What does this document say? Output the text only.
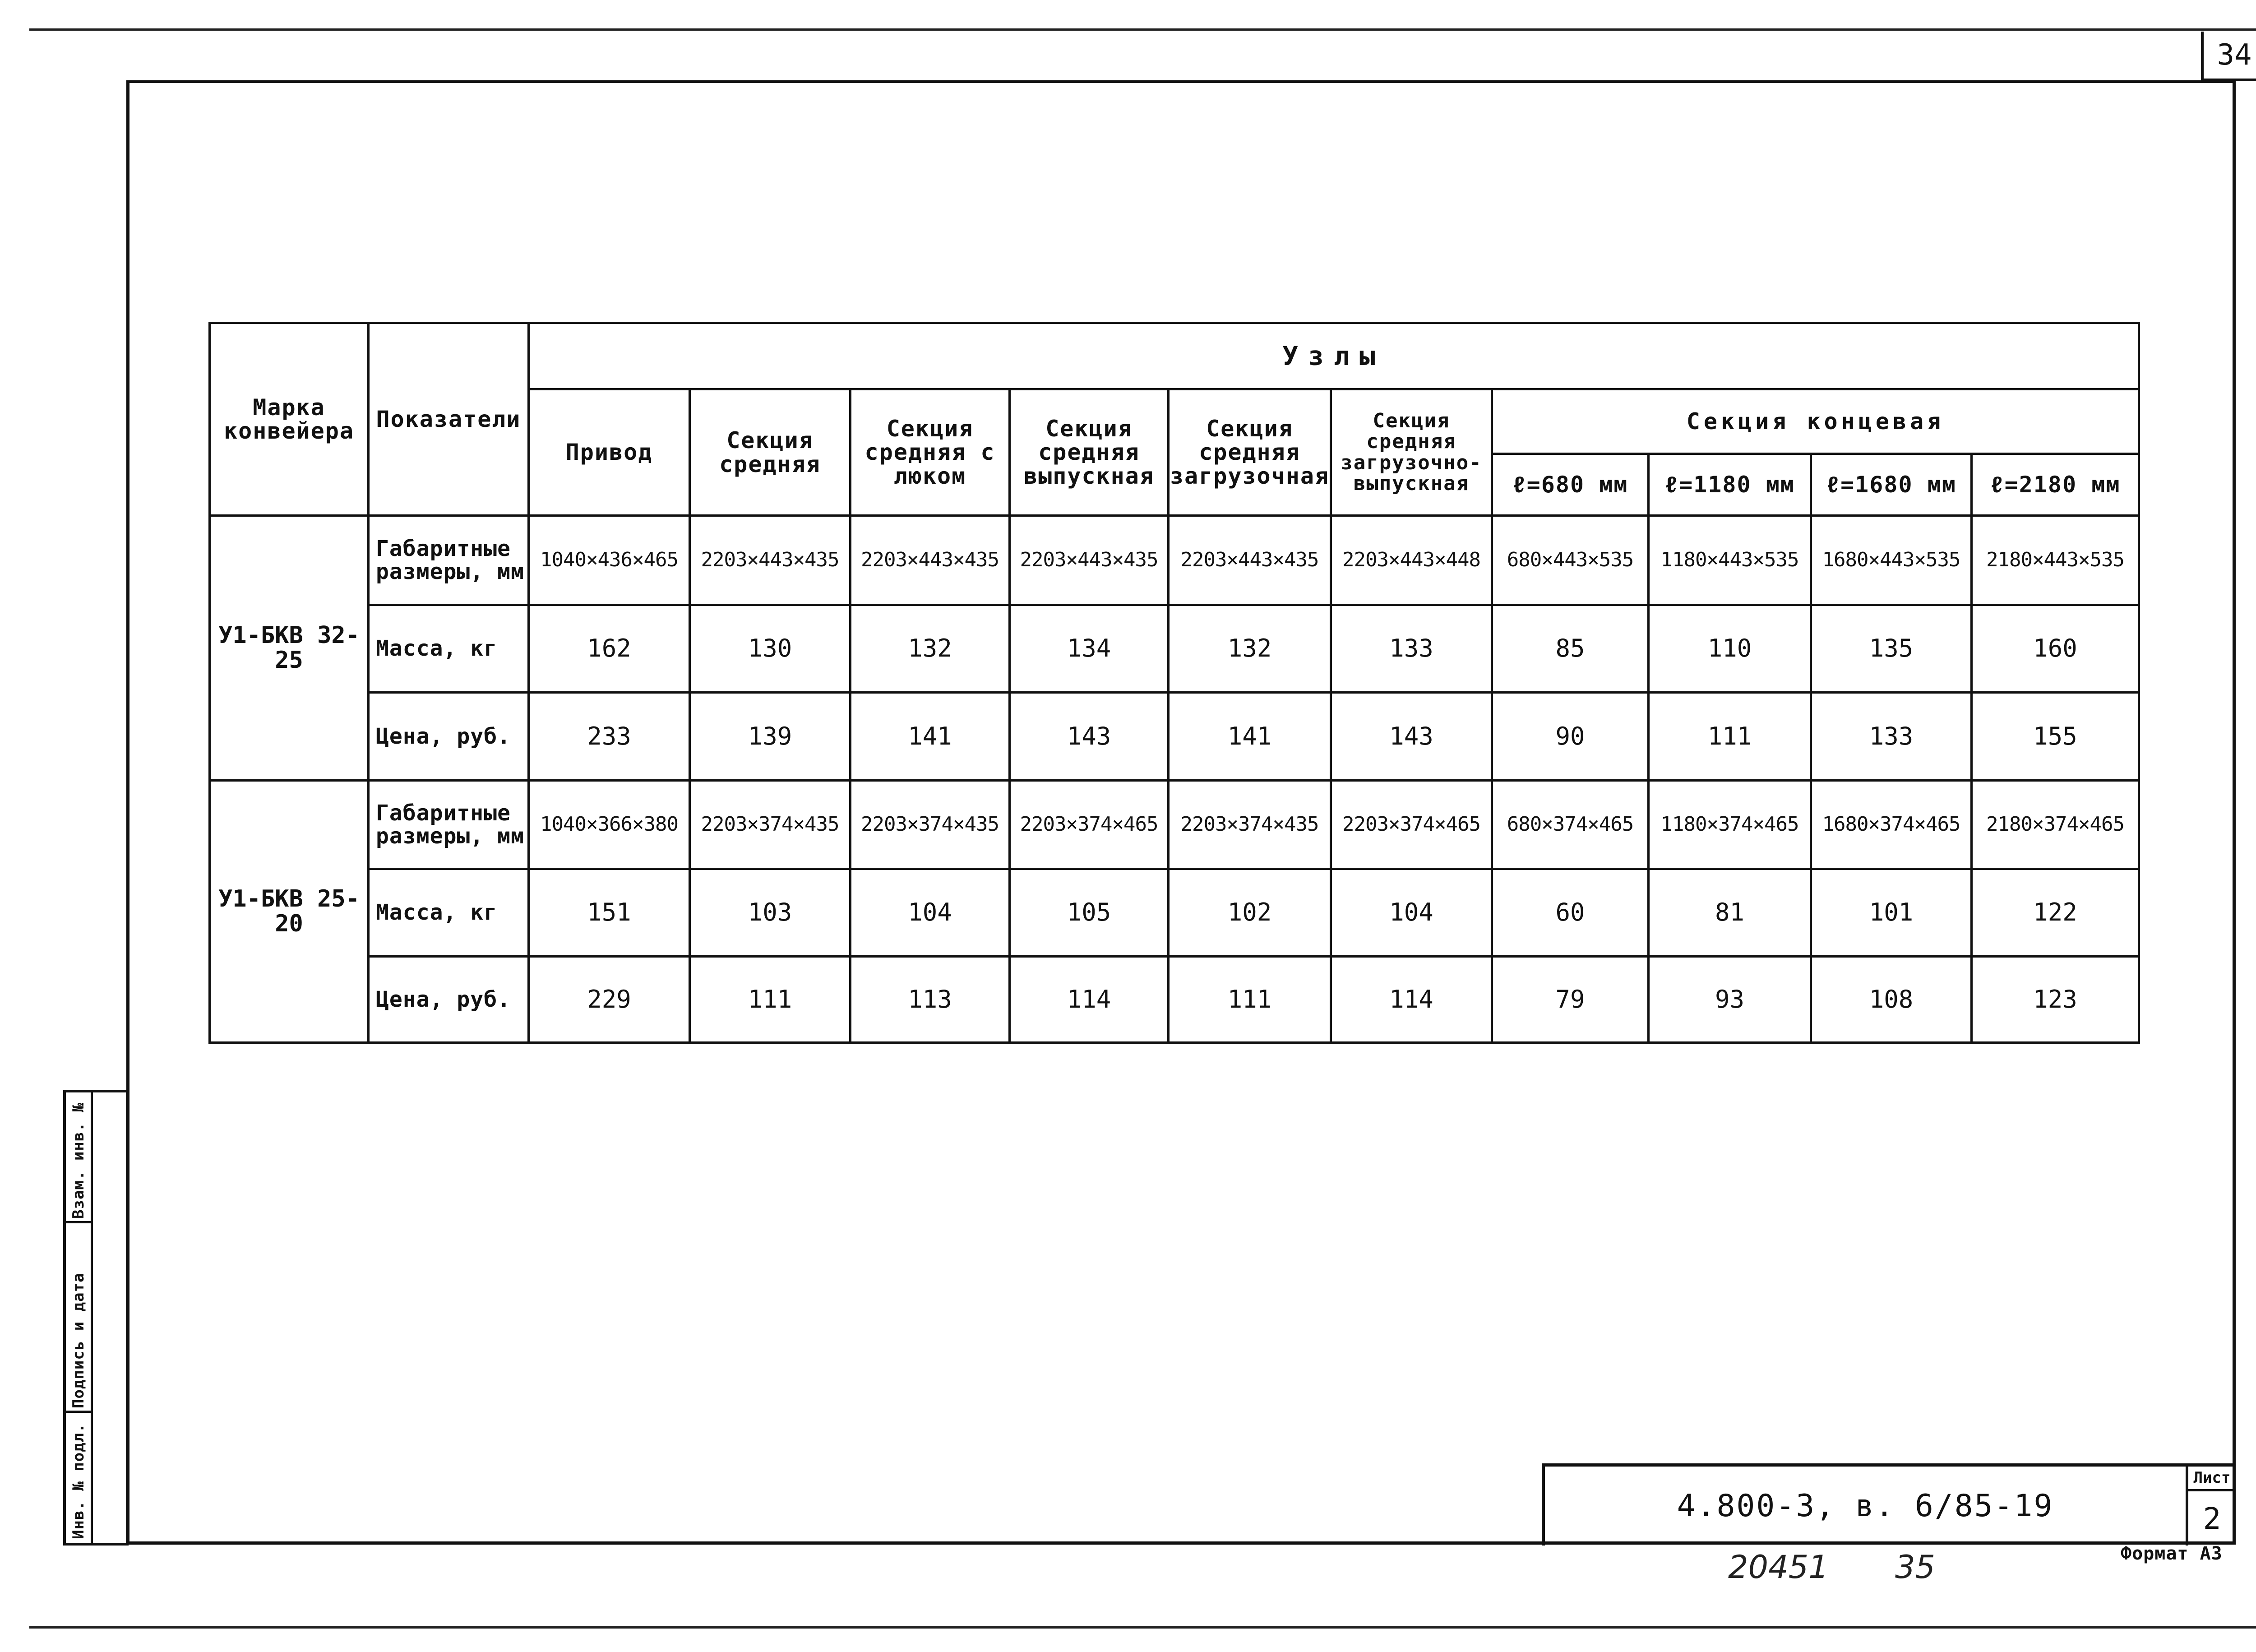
34
Взам. инв. №
Подпись и дата
Инв. № подл.
Марка конвейера	Показатели	Узлы									
		Привод	Секция средняя	Секция средняя с люком	Секция средняя выпускная	Секция средняя загрузочная	Секция средняя загрузочно-выпускная	Секция концевая			
								ℓ=680 мм	ℓ=1180 мм	ℓ=1680 мм	ℓ=2180 мм
У1-БКВ 32-25	Габаритные размеры, мм	1040×436×465	2203×443×435	2203×443×435	2203×443×435	2203×443×435	2203×443×448	680×443×535	1180×443×535	1680×443×535	2180×443×535
	Масса, кг	162	130	132	134	132	133	85	110	135	160
	Цена, руб.	233	139	141	143	141	143	90	111	133	155
У1-БКВ 25-20	Габаритные размеры, мм	1040×366×380	2203×374×435	2203×374×435	2203×374×465	2203×374×435	2203×374×465	680×374×465	1180×374×465	1680×374×465	2180×374×465
	Масса, кг	151	103	104	105	102	104	60	81	101	122
	Цена, руб.	229	111	113	114	111	114	79	93	108	123
4.800-3, в. 6/85-19
Лист
2
Формат А3
20451 35
